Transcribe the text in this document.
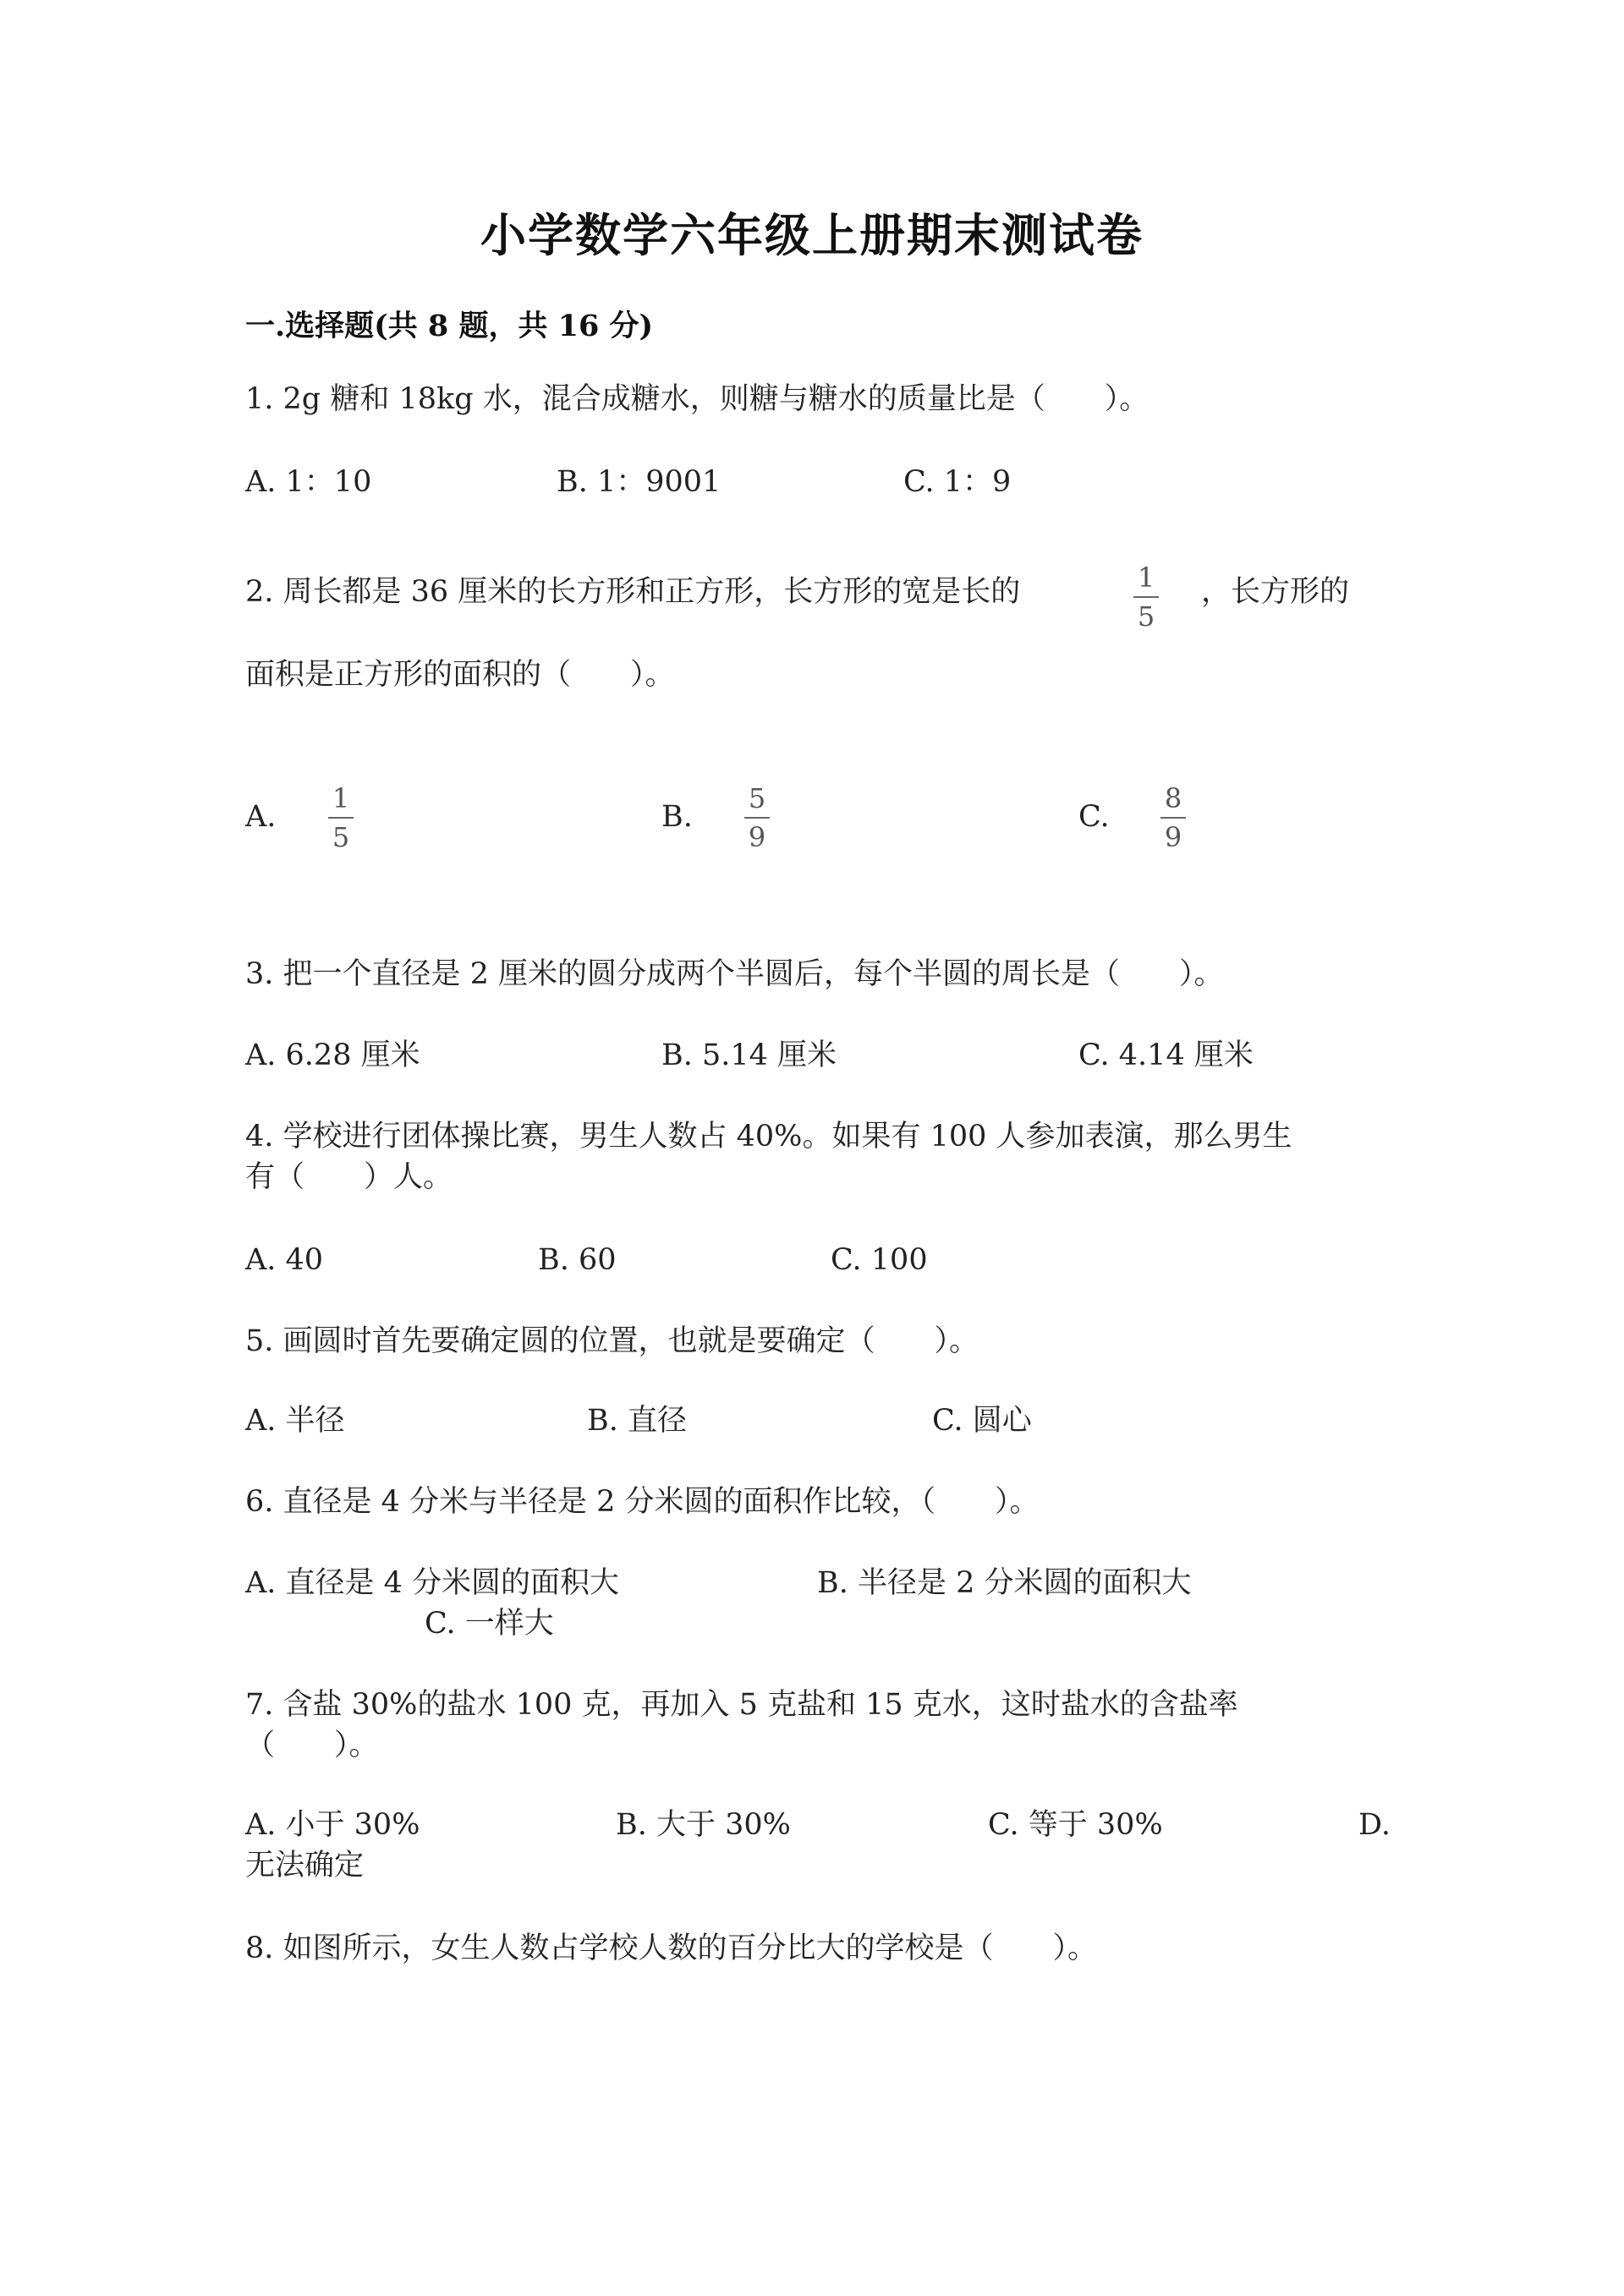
小学数学六年级上册期末测试卷
一.选择题(共 8 题，共 16 分)
1. 2g 糖和 18kg 水，混合成糖水，则糖与糖水的质量比是（　　）。
A. 1：10	B. 1：9001	C. 1：9
2. 周长都是 36 厘米的长方形和正方形，长方形的宽是长的	1
5
，长方形的
面积是正方形的面积的（　　）。
A.
1
5
B.
5
9
C.
8
9
3. 把一个直径是 2 厘米的圆分成两个半圆后，每个半圆的周长是（　　）。
A. 6.28 厘米	B. 5.14 厘米	C. 4.14 厘米
4. 学校进行团体操比赛，男生人数占 40%。如果有 100 人参加表演，那么男生
有（　　）人。
A. 40	B. 60	C. 100
5. 画圆时首先要确定圆的位置，也就是要确定（　　）。
A. 半径	B. 直径	C. 圆心
6. 直径是 4 分米与半径是 2 分米圆的面积作比较，（　　）。
A. 直径是 4 分米圆的面积大	B. 半径是 2 分米圆的面积大
C. 一样大
7. 含盐 30%的盐水 100 克，再加入 5 克盐和 15 克水，这时盐水的含盐率
（　　）。
A. 小于 30%	B. 大于 30%	C. 等于 30%	D.
无法确定
8. 如图所示，女生人数占学校人数的百分比大的学校是（　　）。
